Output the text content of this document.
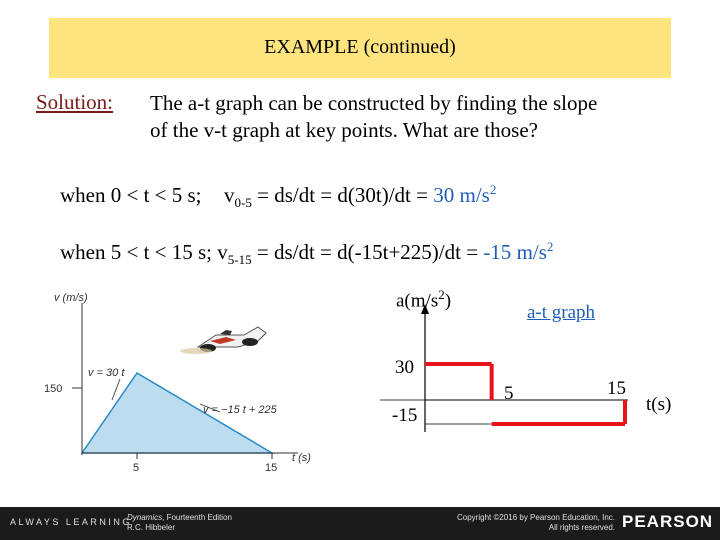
EXAMPLE (continued)
Solution: The a-t graph can be constructed by finding the slope
of the v-t graph at key points. What are those?
when 0 < t < 5 s; $v_{0-5} = ds/dt = d(30t)/dt = 30$ $m/s^2$
when 5 < t < 15 s; $v_{5-15} = ds/dt = d(-15t+225)/dt = -15$ $m/s^2$
v (m/s)
150
5	15
t (s)
v = 30 t
v = −15 t + 225
$a(m/s^2)$
a-t graph
30
-15
5	15
t(s)
ALWAYS LEARNING
Dynamics, Fourteenth Edition
R.C. Hibbeler
Copyright ©2016 by Pearson Education, Inc.
All rights reserved. PEARSON
